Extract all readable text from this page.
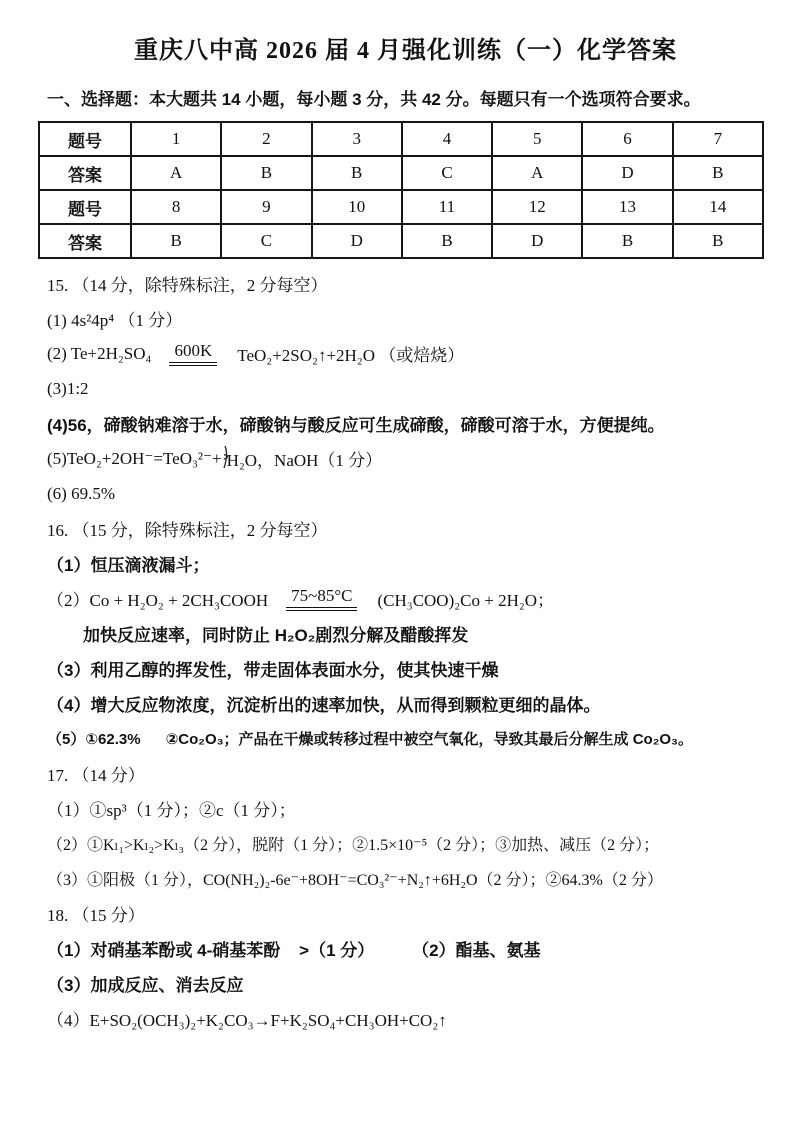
重庆八中高 2026 届 4 月强化训练（一）化学答案
一、选择题：本大题共 14 小题，每小题 3 分，共 42 分。每题只有一个选项符合要求。
题号	1	2	3	4	5	6	7
答案	A	B	B	C	A	D	B
题号	8	9	10	11	12	13	14
答案	B	C	D	B	D	B	B
15. （14 分，除特殊标注，2 分每空）
(1) 4s²4p⁴ （1 分）
(2) Te+2H₂SO₄ 600K TeO₂+2SO₂↑+2H₂O （或焙烧）
(3)1:2
(4)56，碲酸钠难溶于水，碲酸钠与酸反应可生成碲酸，碲酸可溶于水，方便提纯。
(5)TeO₂+2OH⁻=TeO₃²⁻+ H₂O，NaOH（1 分）
(6) 69.5%
16. （15 分，除特殊标注，2 分每空）
（1）恒压滴液漏斗；
（2）Co + H₂O₂ + 2CH₃COOH 75~85°C (CH₃COO)₂Co + 2H₂O；
加快反应速率，同时防止 H₂O₂剧烈分解及醋酸挥发
（3）利用乙醇的挥发性，带走固体表面水分，使其快速干燥
（4）增大反应物浓度，沉淀析出的速率加快，从而得到颗粒更细的晶体。
（5）①62.3%      ②Co₂O₃；产品在干燥或转移过程中被空气氧化，导致其最后分解生成 Co₂O₃。
17. （14 分）
（1）①sp³（1 分）；②c（1 分）；
（2）①Kₗ₁>Kₗ₂>Kₗ₃（2 分），脱附（1 分）；②1.5×10⁻⁵（2 分）；③加热、减压（2 分）；
（3）①阳极（1 分），CO(NH₂)₂-6e⁻+8OH⁻=CO₃²⁻+N₂↑+6H₂O（2 分）；②64.3%（2 分）
18. （15 分）
（1）对硝基苯酚或 4-硝基苯酚    >（1 分）        （2）酯基、氨基
（3）加成反应、消去反应
（4）E+SO₂(OCH₃)₂+K₂CO₃→F+K₂SO₄+CH₃OH+CO₂↑
